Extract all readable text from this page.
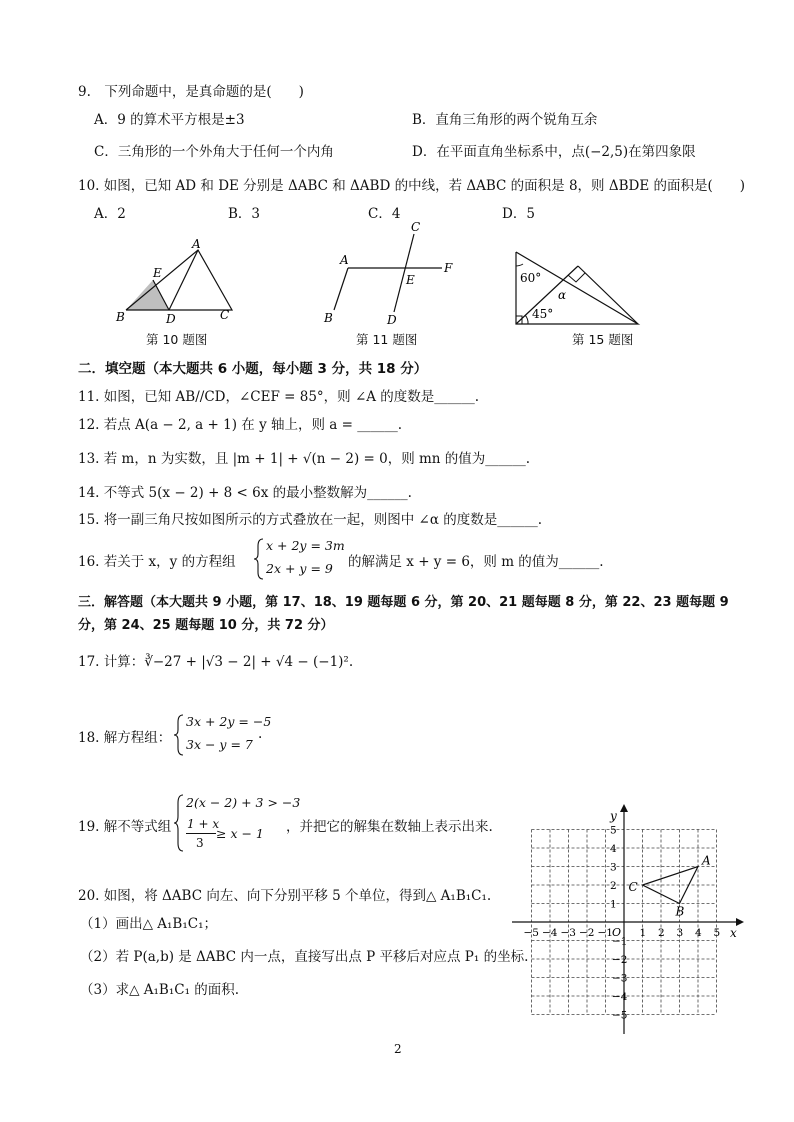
9.　下列命题中，是真命题的是(　　)
A．9 的算术平方根是±3	B．直角三角形的两个锐角互余
C．三角形的一个外角大于任何一个内角	D．在平面直角坐标系中，点(−2,5)在第四象限
10. 如图，已知 AD 和 DE 分别是 ΔABC 和 ΔABD 的中线，若 ΔABC 的面积是 8，则 ΔBDE 的面积是(　　)
A．2	B．3	C．4	D．5
A
B	C
D
E
第 10 题图
A
B
C
D
E
F
第 11 题图
60°
45°
α
第 15 题图
二．填空题（本大题共 6 小题，每小题 3 分，共 18 分）
11. 如图，已知 AB//CD，∠CEF = 85°，则 ∠A 的度数是______.
12. 若点 A(a − 2, a + 1) 在 y 轴上，则 a = ______.
13. 若 m，n 为实数，且 |m + 1| + √(n − 2) = 0，则 mn 的值为______.
14. 不等式 5(x − 2) + 8 < 6x 的最小整数解为______.
15. 将一副三角尺按如图所示的方式叠放在一起，则图中 ∠α 的度数是______.
16. 若关于 x，y 的方程组
x + 2y = 3m
2x + y = 9 的解满足 x + y = 6，则 m 的值为______.
三．解答题（本大题共 9 小题，第 17、18、19 题每题 6 分，第 20、21 题每题 8 分，第 22、23 题每题 9
分，第 24、25 题每题 10 分，共 72 分）
17. 计算：∛−27 + |√3 − 2| + √4 − (−1)².
18. 解方程组：
3x + 2y = −5
3x − y = 7
.
19. 解不等式组
2(x − 2) + 3 > −3
1 + x
3
≥ x − 1 ，并把它的解集在数轴上表示出来.
20. 如图，将 ΔABC 向左、向下分别平移 5 个单位，得到△ A₁B₁C₁.
（1）画出△ A₁B₁C₁；
（2）若 P(a,b) 是 ΔABC 内一点，直接写出点 P 平移后对应点 P₁ 的坐标.
（3）求△ A₁B₁C₁ 的面积.
x
y
O
−5 −4 −3 −2 −1	1 2 3 4 5
5
4
3
2
1
−1
−2
−3
−4
−5
A
B
C
2
